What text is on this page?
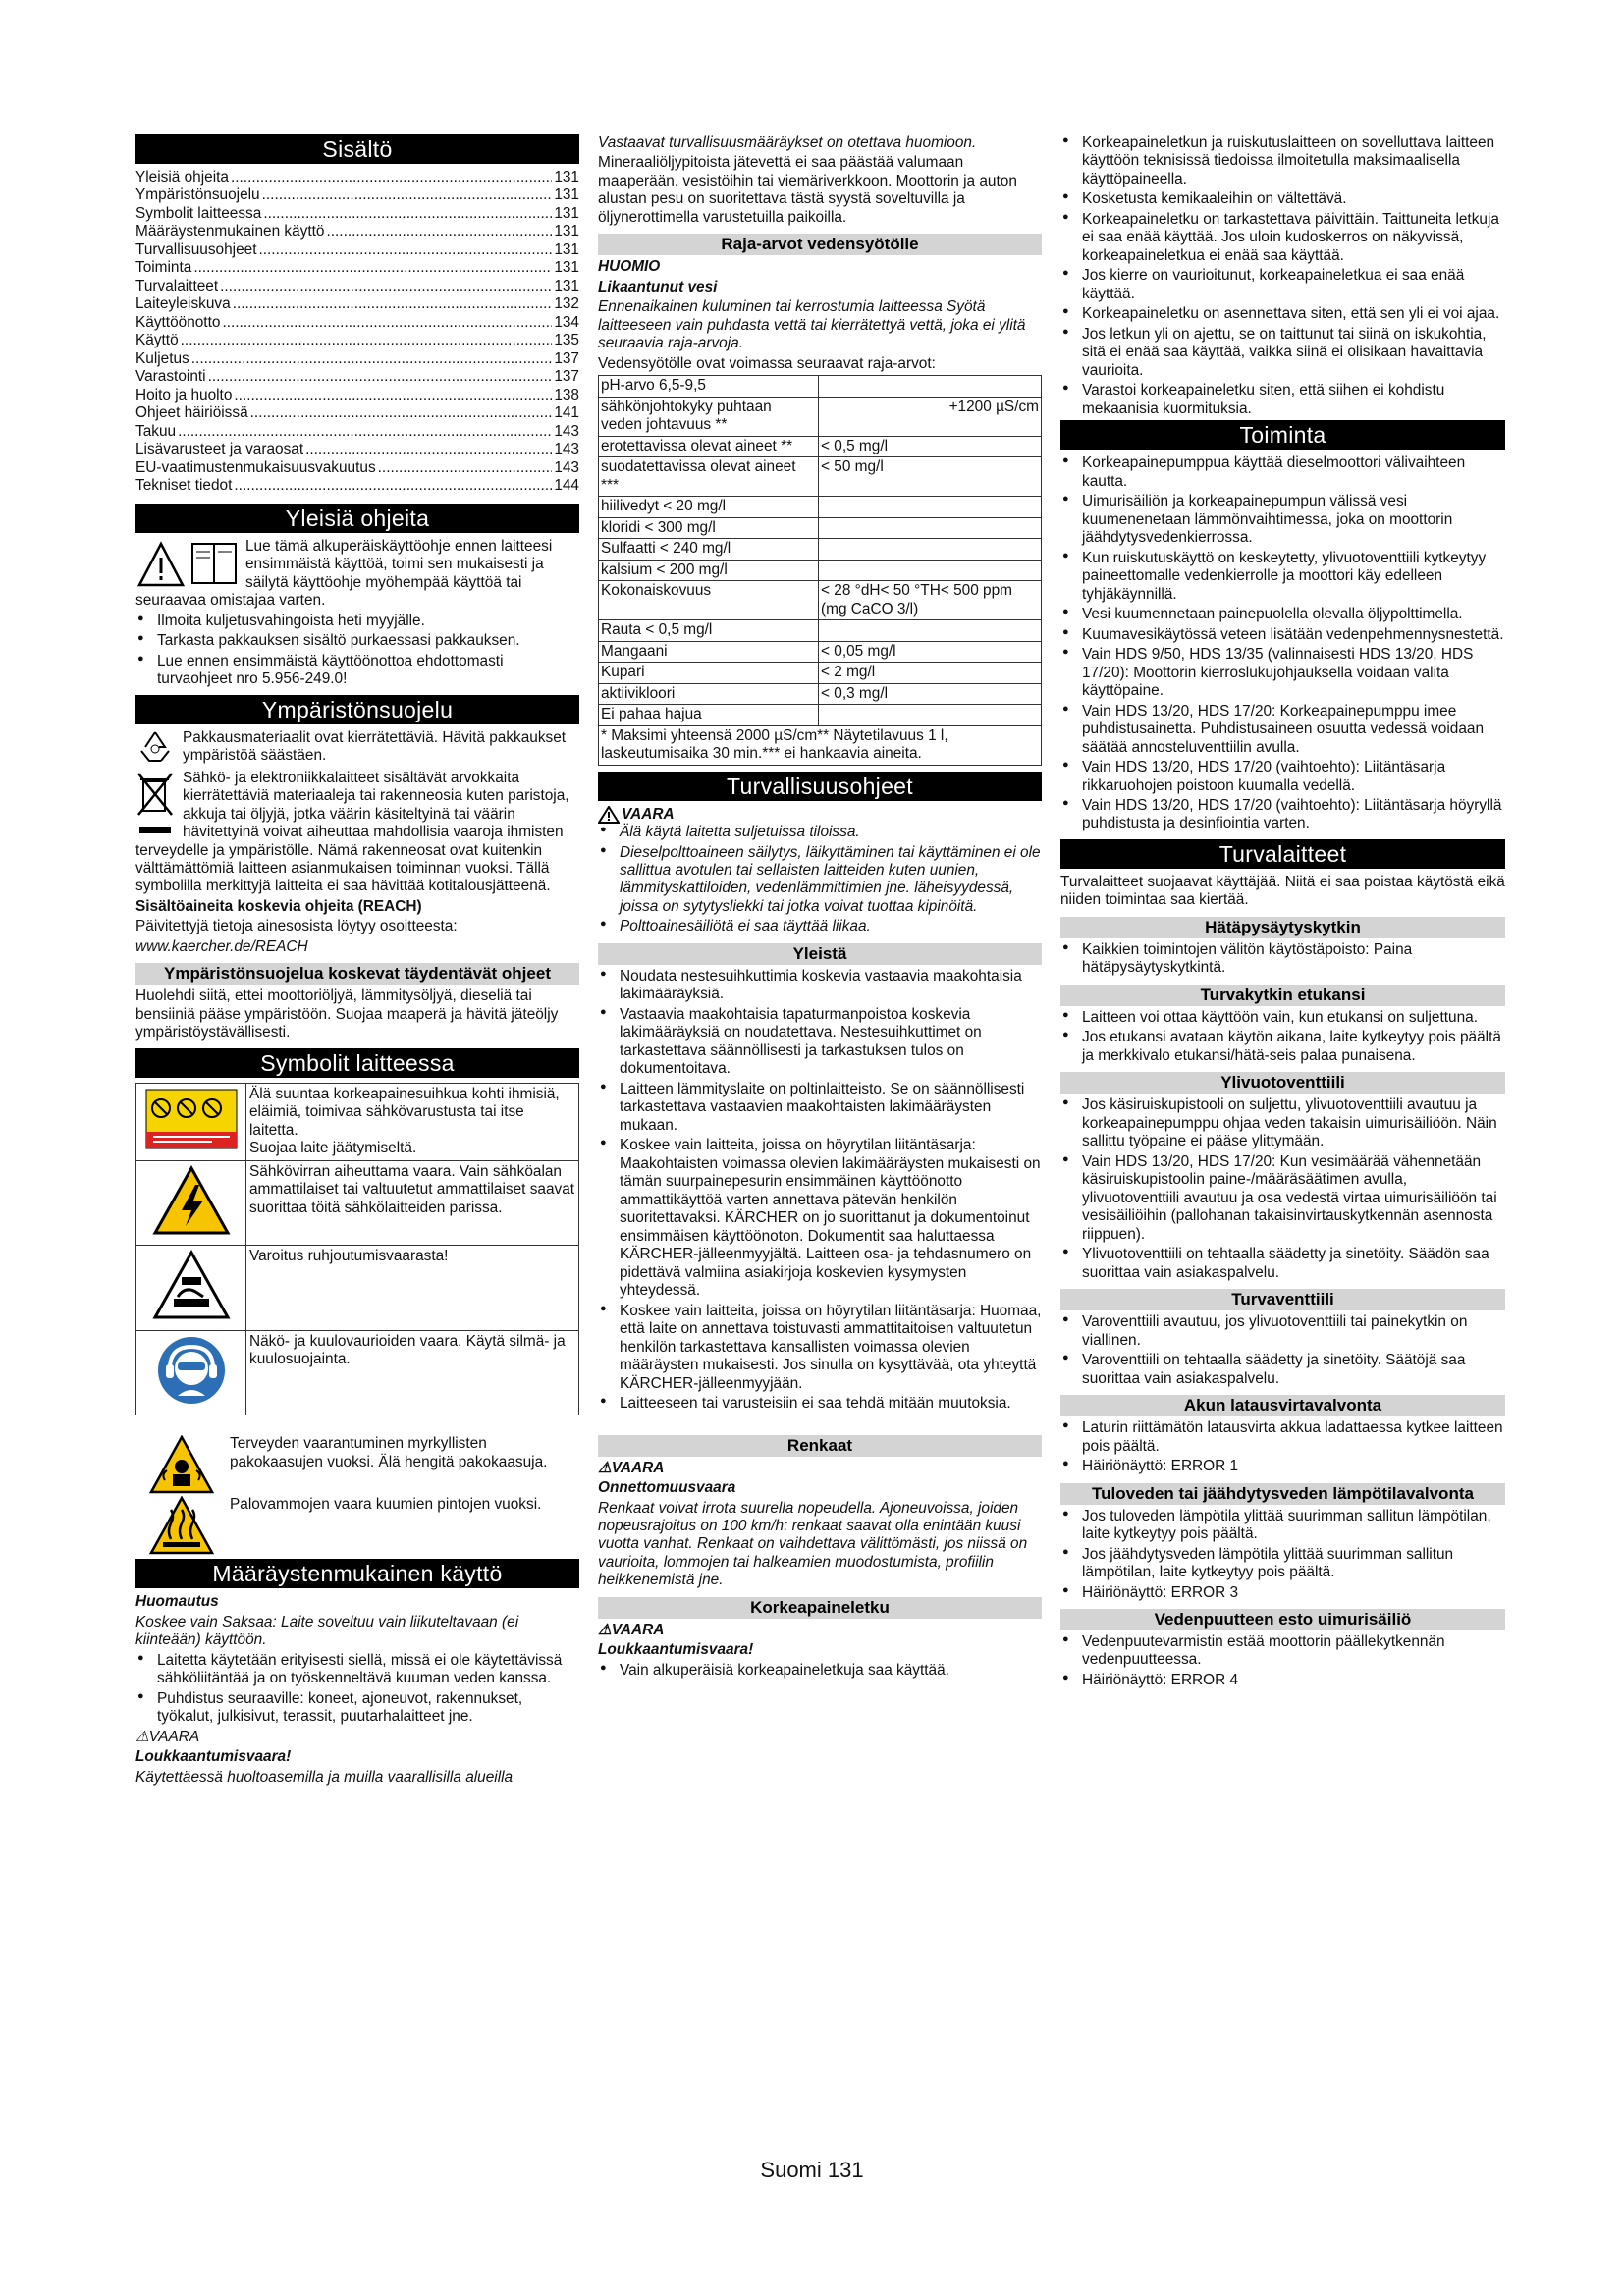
Sisältö
Yleisiä ohjeita .....	131
Ympäristönsuojelu .....	131
Symbolit laitteessa .....	131
Määräystenmukainen käyttö .....	131
Turvallisuusohjeet .....	131
Toiminta .....	131
Turvalaitteet .....	131
Laiteyleiskuva .....	132
Käyttöönotto .....	134
Käyttö .....	135
Kuljetus .....	137
Varastointi .....	137
Hoito ja huolto .....	138
Ohjeet häiriöissä .....	141
Takuu .....	143
Lisävarusteet ja varaosat .....	143
EU-vaatimustenmukaisuusvakuutus .....	143
Tekniset tiedot .....	144
Yleisiä ohjeita

Lue tämä alkuperäiskäyttöohje ennen laitteesi ensimmäistä käyttöä, toimi sen mukaisesti ja säilytä käyttöohje myöhempää käyttöä tai seuraavaa omistajaa varten.

● Ilmoita kuljetusvahingoista heti myyjälle.
● Tarkasta pakkauksen sisältö purkaessasi pakkauksen.
● Lue ennen ensimmäistä käyttöönottoa ehdottomasti turvaohjeet nro 5.956-249.0!
Ympäristönsuojelu

Pakkausmateriaalit ovat kierrätettäviä. Hävitä pakkaukset ympäristöä säästäen.

Sähkö- ja elektroniikkalaitteet sisältävät arvokkaita kierrätettäviä materiaaleja tai rakenneosia kuten paristoja, akkuja tai öljyjä, jotka väärin käsiteltyinä tai väärin hävitettyinä voivat aiheuttaa mahdollisia vaaroja ihmisten terveydelle ja ympäristölle. Nämä rakenneosat ovat kuitenkin välttämättömiä laitteen asianmukaisen toiminnan vuoksi. Tällä symbolilla merkittyjä laitteita ei saa hävittää kotitalousjätteenä.

Sisältöaineita koskevia ohjeita (REACH)

Päivitettyjä tietoja ainesosista löytyy osoitteesta:

www.kaercher.de/REACH

Ympäristönsuojelua koskevat täydentävät ohjeet

Huolehdi siitä, ettei moottoriöljyä, lämmitysöljyä, dieseliä tai bensiiniä pääse ympäristöön. Suojaa maaperä ja hävitä jäteöljy ympäristöystävällisesti.

Symbolit laitteessa
	Älä suuntaa korkeapainesuihkua kohti ihmisiä, eläimiä, toimivaa sähkövarustusta tai itse laitetta.
Suojaa laite jäätymiseltä.
	Sähkövirran aiheuttama vaara. Vain sähköalan ammattilaiset tai valtuutetut ammattilaiset saavat suorittaa töitä sähkölaitteiden parissa.
	Varoitus ruhjoutumisvaarasta!
	Näkö- ja kuulovaurioiden vaara. Käytä silmä- ja kuulosuojainta.

Terveyden vaarantuminen myrkyllisten pakokaasujen vuoksi. Älä hengitä pakokaasuja.

Palovammojen vaara kuumien pintojen vuoksi.

Määräystenmukainen käyttö

Huomautus

Koskee vain Saksaa: Laite soveltuu vain liikuteltavaan (ei kiinteään) käyttöön.

● Laitetta käytetään erityisesti siellä, missä ei ole käytettävissä sähköliitäntää ja on työskenneltävä kuuman veden kanssa.
● Puhdistus seuraaville: koneet, ajoneuvot, rakennukset, työkalut, julkisivut, terassit, puutarhalaitteet jne.

⚠VAARA

Loukkaantumisvaara!

Käytettäessä huoltoasemilla ja muilla vaarallisilla alueilla

Vastaavat turvallisuusmääräykset on otettava huomioon.

Mineraaliöljypitoista jätevettä ei saa päästää valumaan maaperään, vesistöihin tai viemäriverkkoon. Moottorin ja auton alustan pesu on suoritettava tästä syystä soveltuvilla ja öljynerottimella varustetuilla paikoilla.

Raja-arvot vedensyötölle

HUOMIO

Likaantunut vesi

Ennenaikainen kuluminen tai kerrostumia laitteessa Syötä laitteeseen vain puhdasta vettä tai kierrätettyä vettä, joka ei ylitä seuraavia raja-arvoja.

Vedensyötölle ovat voimassa seuraavat raja-arvot:

pH-arvo 6,5-9,5	
sähkönjohtokyky puhtaan veden johtavuus **	+1200 µS/cm
erotettavissa olevat aineet **	< 0,5 mg/l
suodatettavissa olevat aineet ***	< 50 mg/l
hiilivedyt < 20 mg/l	
kloridi < 300 mg/l	
Sulfaatti < 240 mg/l	
kalsium < 200 mg/l	
Kokonaiskovuus	< 28 °dH< 50 °TH< 500 ppm (mg CaCO 3/l)
Rauta < 0,5 mg/l	
Mangaani	< 0,05 mg/l
Kupari	< 2 mg/l
aktiivikloori	< 0,3 mg/l
Ei pahaa hajua	

* Maksimi yhteensä 2000 µS/cm** Näytetilavuus 1 l, laskeutumisaika 30 min.*** ei hankaavia aineita.

Turvallisuusohjeet
VAARA
● Älä käytä laitetta suljetuissa tiloissa.
● Dieselpolttoaineen säilytys, läikyttäminen tai käyttäminen ei ole sallittua avotulen tai sellaisten laitteiden kuten uunien, lämmityskattiloiden, vedenlämmittimien jne. läheisyydessä, joissa on sytytysliekki tai jotka voivat tuottaa kipinöitä.
● Polttoainesäiliötä ei saa täyttää liikaa.
Yleistä
● Noudata nestesuihkuttimia koskevia vastaavia maakohtaisia lakimääräyksiä.
● Vastaavia maakohtaisia tapaturmanpoistoa koskevia lakimääräyksiä on noudatettava. Nestesuihkuttimet on tarkastettava säännöllisesti ja tarkastuksen tulos on dokumentoitava.
● Laitteen lämmityslaite on poltinlaitteisto. Se on säännöllisesti tarkastettava vastaavien maakohtaisten lakimääräysten mukaan.
● Koskee vain laitteita, joissa on höyrytilan liitäntäsarja: Maakohtaisten voimassa olevien lakimääräysten mukaisesti on tämän suurpainepesurin ensimmäinen käyttöönotto ammattikäyttöä varten annettava pätevän henkilön suoritettavaksi. KÄRCHER on jo suorittanut ja dokumentoinut ensimmäisen käyttöönoton. Dokumentit saa haluttaessa KÄRCHER-jälleenmyyjältä. Laitteen osa- ja tehdasnumero on pidettävä valmiina asiakirjoja koskevien kysymysten yhteydessä.
● Koskee vain laitteita, joissa on höyrytilan liitäntäsarja: Huomaa, että laite on annettava toistuvasti ammattitaitoisen valtuutetun henkilön tarkastettava kansallisten voimassa olevien määräysten mukaisesti. Jos sinulla on kysyttävää, ota yhteyttä KÄRCHER-jälleenmyyjään.
● Laitteeseen tai varusteisiin ei saa tehdä mitään muutoksia.
Renkaat

⚠VAARA

Onnettomuusvaara

Renkaat voivat irrota suurella nopeudella. Ajoneuvoissa, joiden nopeusrajoitus on 100 km/h: renkaat saavat olla enintään kuusi vuotta vanhat. Renkaat on vaihdettava välittömästi, jos niissä on vaurioita, lommojen tai halkeamien muodostumista, profiilin heikkenemistä jne.

Korkeapaineletku

⚠VAARA

Loukkaantumisvaara!

● Vain alkuperäisiä korkeapaineletkuja saa käyttää.
● Korkeapaineletkun ja ruiskutuslaitteen on sovelluttava laitteen käyttöön teknisissä tiedoissa ilmoitetulla maksimaalisella käyttöpaineella.
● Kosketusta kemikaaleihin on vältettävä.
● Korkeapaineletku on tarkastettava päivittäin. Taittuneita letkuja ei saa enää käyttää. Jos uloin kudoskerros on näkyvissä, korkeapaineletkua ei enää saa käyttää.
● Jos kierre on vaurioitunut, korkeapaineletkua ei saa enää käyttää.
● Korkeapaineletku on asennettava siten, että sen yli ei voi ajaa.
● Jos letkun yli on ajettu, se on taittunut tai siinä on iskukohtia, sitä ei enää saa käyttää, vaikka siinä ei olisikaan havaittavia vaurioita.
● Varastoi korkeapaineletku siten, että siihen ei kohdistu mekaanisia kuormituksia.
Toiminta
● Korkeapainepumppua käyttää dieselmoottori välivaihteen kautta.
● Uimurisäiliön ja korkeapainepumpun välissä vesi kuumenenetaan lämmönvaihtimessa, joka on moottorin jäähdytysvedenkierrossa.
● Kun ruiskutuskäyttö on keskeytetty, ylivuotoventtiili kytkeytyy paineettomalle vedenkierrolle ja moottori käy edelleen tyhjäkäynnillä.
● Vesi kuumennetaan painepuolella olevalla öljypolttimella.
● Kuumavesikäytössä veteen lisätään vedenpehmennysnestettä.
● Vain HDS 9/50, HDS 13/35 (valinnaisesti HDS 13/20, HDS 17/20): Moottorin kierroslukujohjauksella voidaan valita käyttöpaine.
● Vain HDS 13/20, HDS 17/20: Korkeapainepumppu imee puhdistusainetta. Puhdistusaineen osuutta vedessä voidaan säätää annosteluventtiilin avulla.
● Vain HDS 13/20, HDS 17/20 (vaihtoehto): Liitäntäsarja rikkaruohojen poistoon kuumalla vedellä.
● Vain HDS 13/20, HDS 17/20 (vaihtoehto): Liitäntäsarja höyryllä puhdistusta ja desinfiointia varten.
Turvalaitteet

Turvalaitteet suojaavat käyttäjää. Niitä ei saa poistaa käytöstä eikä niiden toimintaa saa kiertää.

Hätäpysäytyskytkin
● Kaikkien toimintojen välitön käytöstäpoisto: Paina hätäpysäytyskytkintä.
Turvakytkin etukansi
● Laitteen voi ottaa käyttöön vain, kun etukansi on suljettuna.
● Jos etukansi avataan käytön aikana, laite kytkeytyy pois päältä ja merkkivalo etukansi/hätä-seis palaa punaisena.
Ylivuotoventtiili
● Jos käsiruiskupistooli on suljettu, ylivuotoventtiili avautuu ja korkeapainepumppu ohjaa veden takaisin uimurisäiliöön. Näin sallittu työpaine ei pääse ylittymään.
● Vain HDS 13/20, HDS 17/20: Kun vesimäärää vähennetään käsiruiskupistoolin paine-/määräsäätimen avulla, ylivuotoventtiili avautuu ja osa vedestä virtaa uimurisäiliöön tai vesisäiliöihin (pallohanan takaisinvirtauskytkennän asennosta riippuen).
● Ylivuotoventtiili on tehtaalla säädetty ja sinetöity. Säädön saa suorittaa vain asiakaspalvelu.
Turvaventtiili
● Varoventtiili avautuu, jos ylivuotoventtiili tai painekytkin on viallinen.
● Varoventtiili on tehtaalla säädetty ja sinetöity. Säätöjä saa suorittaa vain asiakaspalvelu.
Akun latausvirtavalvonta
● Laturin riittämätön latausvirta akkua ladattaessa kytkee laitteen pois päältä.
● Häiriönäyttö: ERROR 1
Tuloveden tai jäähdytysveden lämpötilavalvonta
● Jos tuloveden lämpötila ylittää suurimman sallitun lämpötilan, laite kytkeytyy pois päältä.
● Jos jäähdytysveden lämpötila ylittää suurimman sallitun lämpötilan, laite kytkeytyy pois päältä.
● Häiriönäyttö: ERROR 3
Vedenpuutteen esto uimurisäiliö
● Vedenpuutevarmistin estää moottorin päällekytkennän vedenpuutteessa.
● Häiriönäyttö: ERROR 4
Suomi 131
